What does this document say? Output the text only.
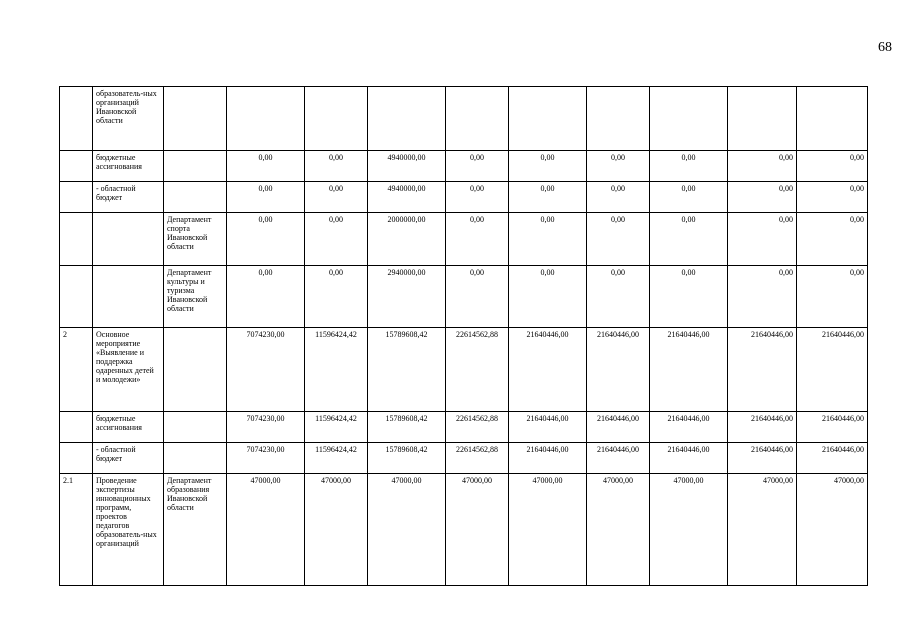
68
	образователь-ных организаций Ивановской области										
	бюджетные ассигнования		0,00	0,00	4940000,00	0,00	0,00	0,00	0,00	0,00	0,00
	- областной бюджет		0,00	0,00	4940000,00	0,00	0,00	0,00	0,00	0,00	0,00
		Департамент спорта Ивановской области	0,00	0,00	2000000,00	0,00	0,00	0,00	0,00	0,00	0,00
		Департамент культуры и туризма Ивановской области	0,00	0,00	2940000,00	0,00	0,00	0,00	0,00	0,00	0,00
2	Основное мероприятие «Выявление и поддержка одаренных детей и молодежи»		7074230,00	11596424,42	15789608,42	22614562,88	21640446,00	21640446,00	21640446,00	21640446,00	21640446,00
	бюджетные ассигнования		7074230,00	11596424,42	15789608,42	22614562,88	21640446,00	21640446,00	21640446,00	21640446,00	21640446,00
	- областной бюджет		7074230,00	11596424,42	15789608,42	22614562,88	21640446,00	21640446,00	21640446,00	21640446,00	21640446,00
2.1	Проведение экспертизы инновационных программ, проектов педагогов образователь-ных организаций	Департамент образования Ивановской области	47000,00	47000,00	47000,00	47000,00	47000,00	47000,00	47000,00	47000,00	47000,00
